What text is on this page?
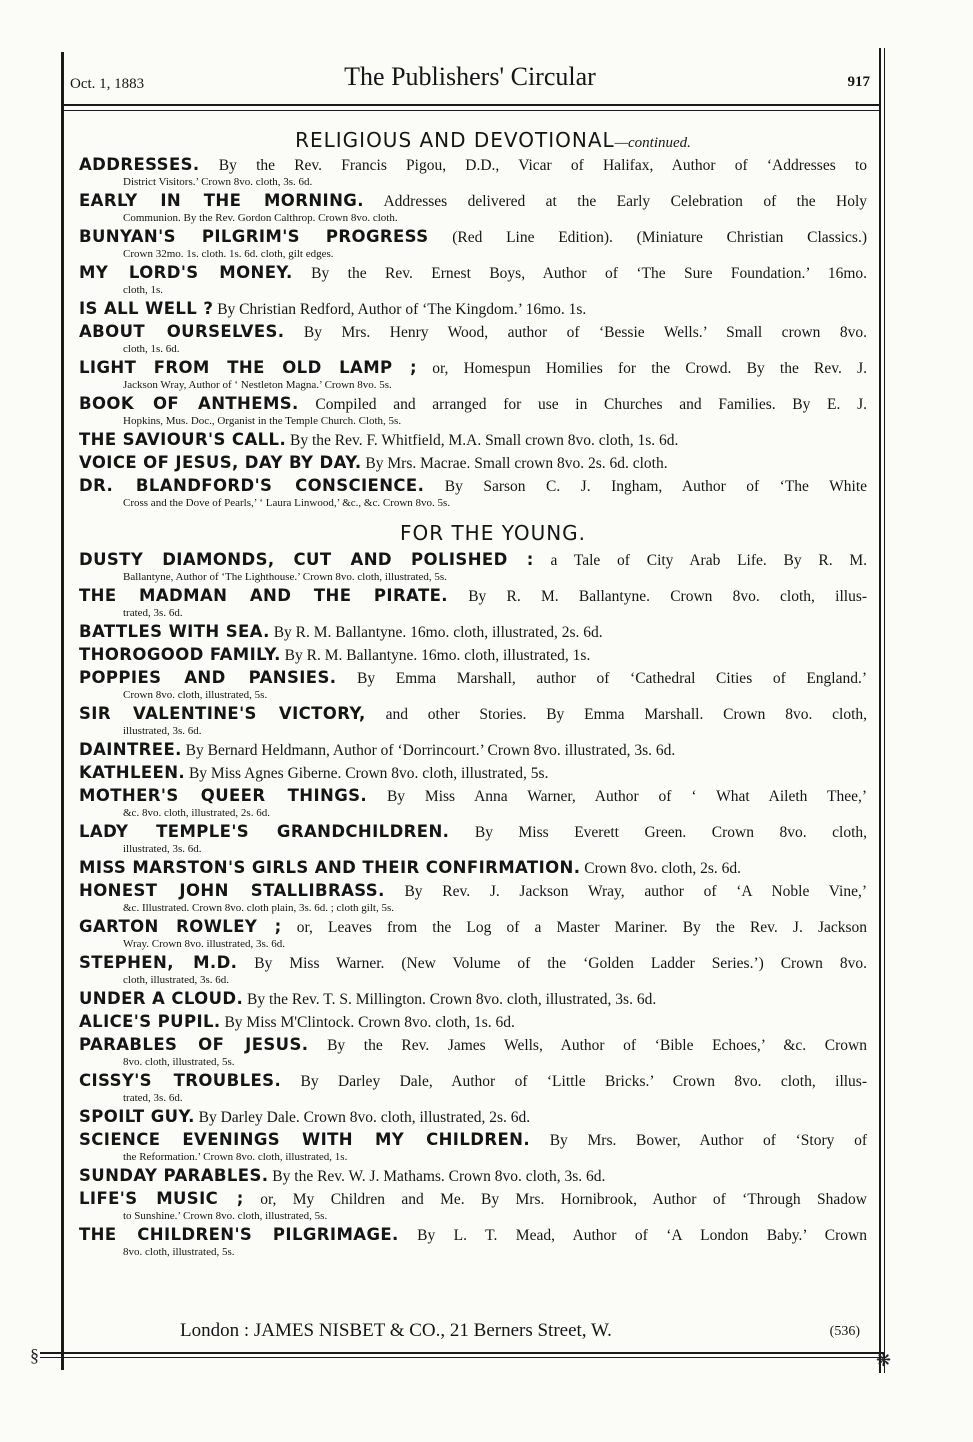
❋
§
Oct. 1, 1883	The Publishers' Circular	917
RELIGIOUS AND DEVOTIONAL—continued.
ADDRESSES. By the Rev. Francis Pigou, D.D., Vicar of Halifax, Author of ‘Addresses to
District Visitors.’ Crown 8vo. cloth, 3s. 6d.
EARLY IN THE MORNING. Addresses delivered at the Early Celebration of the Holy
Communion. By the Rev. Gordon Calthrop. Crown 8vo. cloth.
BUNYAN'S PILGRIM'S PROGRESS (Red Line Edition). (Miniature Christian Classics.)
Crown 32mo. 1s. cloth. 1s. 6d. cloth, gilt edges.
MY LORD'S MONEY. By the Rev. Ernest Boys, Author of ‘The Sure Foundation.’ 16mo.
cloth, 1s.
IS ALL WELL ? By Christian Redford, Author of ‘The Kingdom.’ 16mo. 1s.
ABOUT OURSELVES. By Mrs. Henry Wood, author of ‘Bessie Wells.’ Small crown 8vo.
cloth, 1s. 6d.
LIGHT FROM THE OLD LAMP ; or, Homespun Homilies for the Crowd. By the Rev. J.
Jackson Wray, Author of ‘ Nestleton Magna.’ Crown 8vo. 5s.
BOOK OF ANTHEMS. Compiled and arranged for use in Churches and Families. By E. J.
Hopkins, Mus. Doc., Organist in the Temple Church. Cloth, 5s.
THE SAVIOUR'S CALL. By the Rev. F. Whitfield, M.A. Small crown 8vo. cloth, 1s. 6d.
VOICE OF JESUS, DAY BY DAY. By Mrs. Macrae. Small crown 8vo. 2s. 6d. cloth.
DR. BLANDFORD'S CONSCIENCE. By Sarson C. J. Ingham, Author of ‘The White
Cross and the Dove of Pearls,’ ‘ Laura Linwood,’ &c., &c. Crown 8vo. 5s.
FOR THE YOUNG.
DUSTY DIAMONDS, CUT AND POLISHED : a Tale of City Arab Life. By R. M.
Ballantyne, Author of ‘The Lighthouse.’ Crown 8vo. cloth, illustrated, 5s.
THE MADMAN AND THE PIRATE. By R. M. Ballantyne. Crown 8vo. cloth, illus-
trated, 3s. 6d.
BATTLES WITH SEA. By R. M. Ballantyne. 16mo. cloth, illustrated, 2s. 6d.
THOROGOOD FAMILY. By R. M. Ballantyne. 16mo. cloth, illustrated, 1s.
POPPIES AND PANSIES. By Emma Marshall, author of ‘Cathedral Cities of England.’
Crown 8vo. cloth, illustrated, 5s.
SIR VALENTINE'S VICTORY, and other Stories. By Emma Marshall. Crown 8vo. cloth,
illustrated, 3s. 6d.
DAINTREE. By Bernard Heldmann, Author of ‘Dorrincourt.’ Crown 8vo. illustrated, 3s. 6d.
KATHLEEN. By Miss Agnes Giberne. Crown 8vo. cloth, illustrated, 5s.
MOTHER'S QUEER THINGS. By Miss Anna Warner, Author of ‘ What Aileth Thee,’
&c. 8vo. cloth, illustrated, 2s. 6d.
LADY TEMPLE'S GRANDCHILDREN. By Miss Everett Green. Crown 8vo. cloth,
illustrated, 3s. 6d.
MISS MARSTON'S GIRLS AND THEIR CONFIRMATION. Crown 8vo. cloth, 2s. 6d.
HONEST JOHN STALLIBRASS. By Rev. J. Jackson Wray, author of ‘A Noble Vine,’
&c. Illustrated. Crown 8vo. cloth plain, 3s. 6d. ; cloth gilt, 5s.
GARTON ROWLEY ; or, Leaves from the Log of a Master Mariner. By the Rev. J. Jackson
Wray. Crown 8vo. illustrated, 3s. 6d.
STEPHEN, M.D. By Miss Warner. (New Volume of the ‘Golden Ladder Series.’) Crown 8vo.
cloth, illustrated, 3s. 6d.
UNDER A CLOUD. By the Rev. T. S. Millington. Crown 8vo. cloth, illustrated, 3s. 6d.
ALICE'S PUPIL. By Miss M'Clintock. Crown 8vo. cloth, 1s. 6d.
PARABLES OF JESUS. By the Rev. James Wells, Author of ‘Bible Echoes,’ &c. Crown
8vo. cloth, illustrated, 5s.
CISSY'S TROUBLES. By Darley Dale, Author of ‘Little Bricks.’ Crown 8vo. cloth, illus-
trated, 3s. 6d.
SPOILT GUY. By Darley Dale. Crown 8vo. cloth, illustrated, 2s. 6d.
SCIENCE EVENINGS WITH MY CHILDREN. By Mrs. Bower, Author of ‘Story of
the Reformation.’ Crown 8vo. cloth, illustrated, 1s.
SUNDAY PARABLES. By the Rev. W. J. Mathams. Crown 8vo. cloth, 3s. 6d.
LIFE'S MUSIC ; or, My Children and Me. By Mrs. Hornibrook, Author of ‘Through Shadow
to Sunshine.’ Crown 8vo. cloth, illustrated, 5s.
THE CHILDREN'S PILGRIMAGE. By L. T. Mead, Author of ‘A London Baby.’ Crown
8vo. cloth, illustrated, 5s.
London : JAMES NISBET & CO., 21 Berners Street, W.	(536)
